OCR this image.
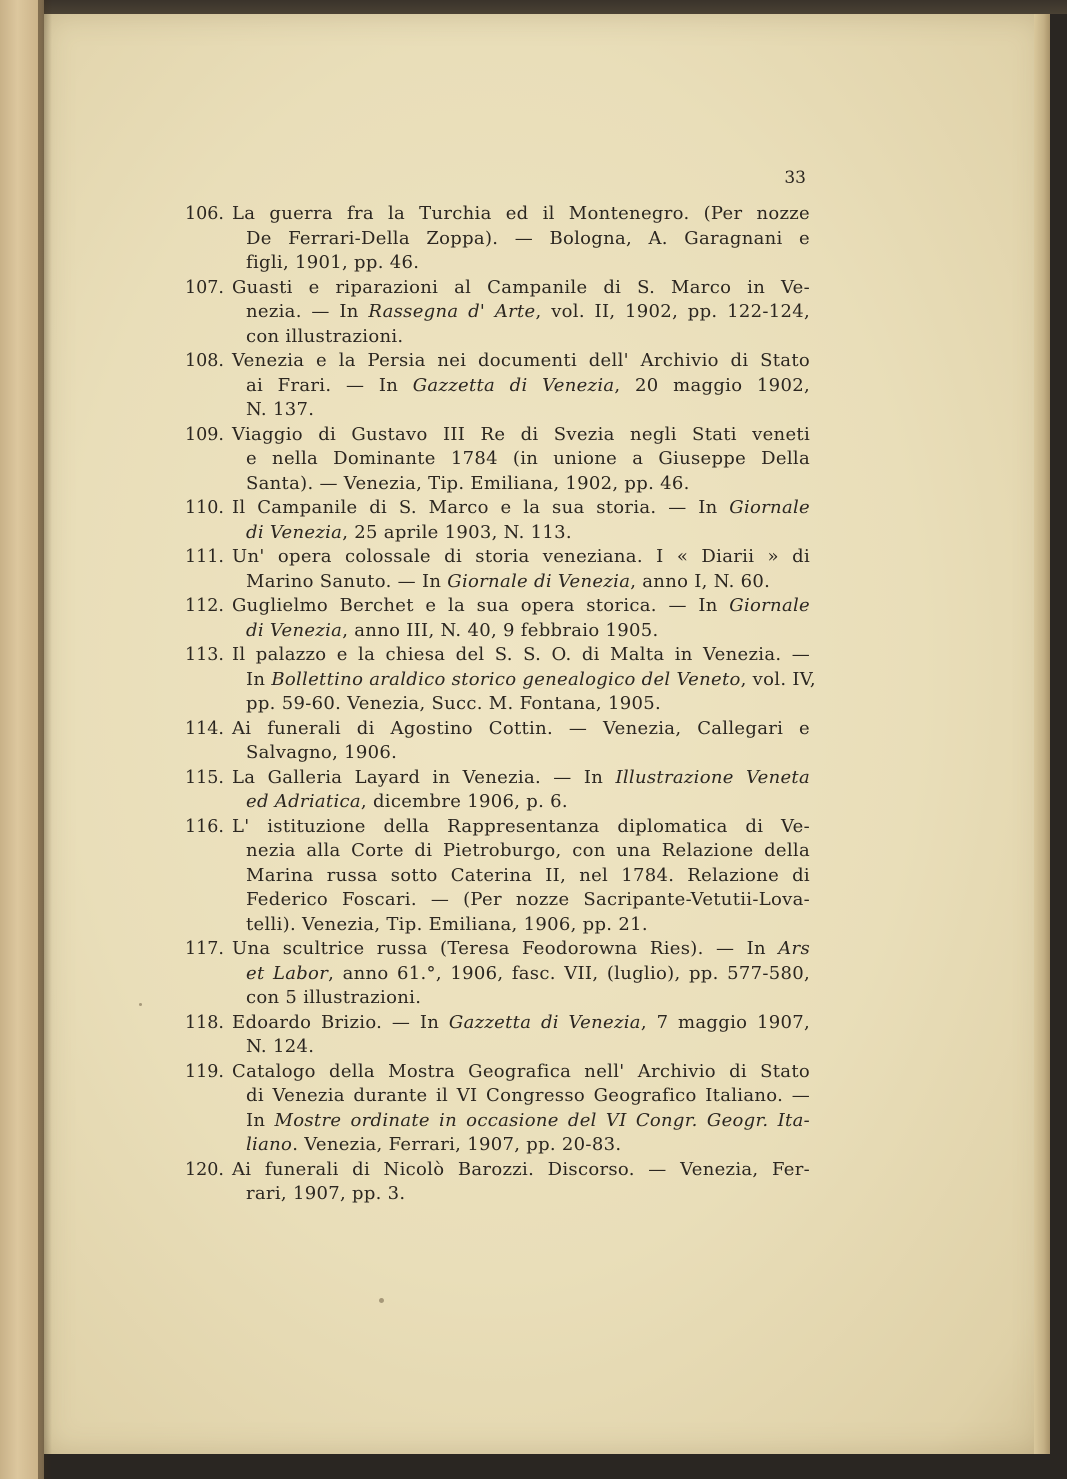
33
106. La guerra fra la Turchia ed il Montenegro. (Per nozze
De Ferrari-Della Zoppa). — Bologna, A. Garagnani e
figli, 1901, pp. 46.
107. Guasti e riparazioni al Campanile di S. Marco in Ve-
nezia. — In Rassegna d' Arte, vol. II, 1902, pp. 122-124,
con illustrazioni.
108. Venezia e la Persia nei documenti dell' Archivio di Stato
ai Frari. — In Gazzetta di Venezia, 20 maggio 1902,
N. 137.
109. Viaggio di Gustavo III Re di Svezia negli Stati veneti
e nella Dominante 1784 (in unione a Giuseppe Della
Santa). — Venezia, Tip. Emiliana, 1902, pp. 46.
110. Il Campanile di S. Marco e la sua storia. — In Giornale
di Venezia, 25 aprile 1903, N. 113.
111. Un' opera colossale di storia veneziana. I « Diarii » di
Marino Sanuto. — In Giornale di Venezia, anno I, N. 60.
112. Guglielmo Berchet e la sua opera storica. — In Giornale
di Venezia, anno III, N. 40, 9 febbraio 1905.
113. Il palazzo e la chiesa del S. S. O. di Malta in Venezia. —
In Bollettino araldico storico genealogico del Veneto, vol. IV,
pp. 59-60. Venezia, Succ. M. Fontana, 1905.
114. Ai funerali di Agostino Cottin. — Venezia, Callegari e
Salvagno, 1906.
115. La Galleria Layard in Venezia. — In Illustrazione Veneta
ed Adriatica, dicembre 1906, p. 6.
116. L' istituzione della Rappresentanza diplomatica di Ve-
nezia alla Corte di Pietroburgo, con una Relazione della
Marina russa sotto Caterina II, nel 1784. Relazione di
Federico Foscari. — (Per nozze Sacripante-Vetutii-Lova-
telli). Venezia, Tip. Emiliana, 1906, pp. 21.
117. Una scultrice russa (Teresa Feodorowna Ries). — In Ars
et Labor, anno 61.°, 1906, fasc. VII, (luglio), pp. 577-580,
con 5 illustrazioni.
118. Edoardo Brizio. — In Gazzetta di Venezia, 7 maggio 1907,
N. 124.
119. Catalogo della Mostra Geografica nell' Archivio di Stato
di Venezia durante il VI Congresso Geografico Italiano. —
In Mostre ordinate in occasione del VI Congr. Geogr. Ita-
liano. Venezia, Ferrari, 1907, pp. 20-83.
120. Ai funerali di Nicolò Barozzi. Discorso. — Venezia, Fer-
rari, 1907, pp. 3.
